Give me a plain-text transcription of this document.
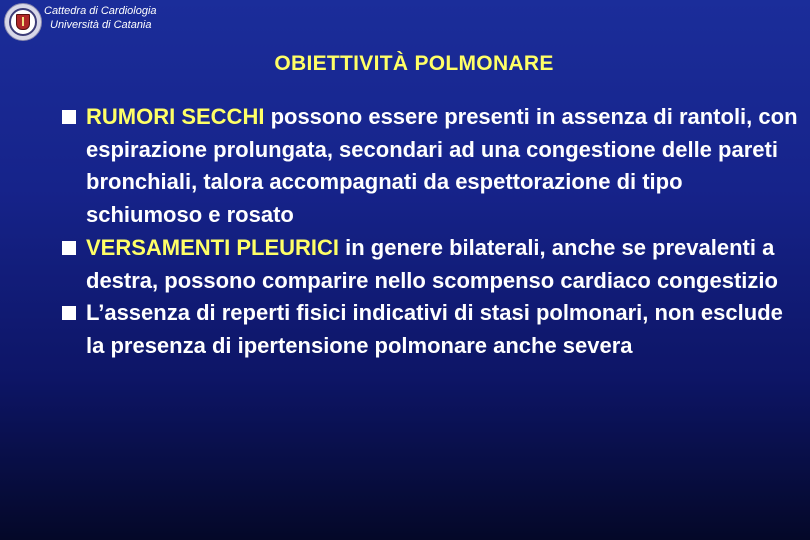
Cattedra di Cardiologia
Università di Catania
OBIETTIVITÀ POLMONARE
RUMORI SECCHI possono essere presenti in assenza di rantoli, con espirazione prolungata, secondari ad una congestione delle pareti bronchiali, talora accompagnati da espettorazione di tipo schiumoso e rosato
VERSAMENTI PLEURICI in genere bilaterali, anche se prevalenti a destra, possono comparire nello scompenso cardiaco congestizio
L’assenza di reperti fisici indicativi di stasi polmonari, non esclude la presenza di ipertensione polmonare anche severa
